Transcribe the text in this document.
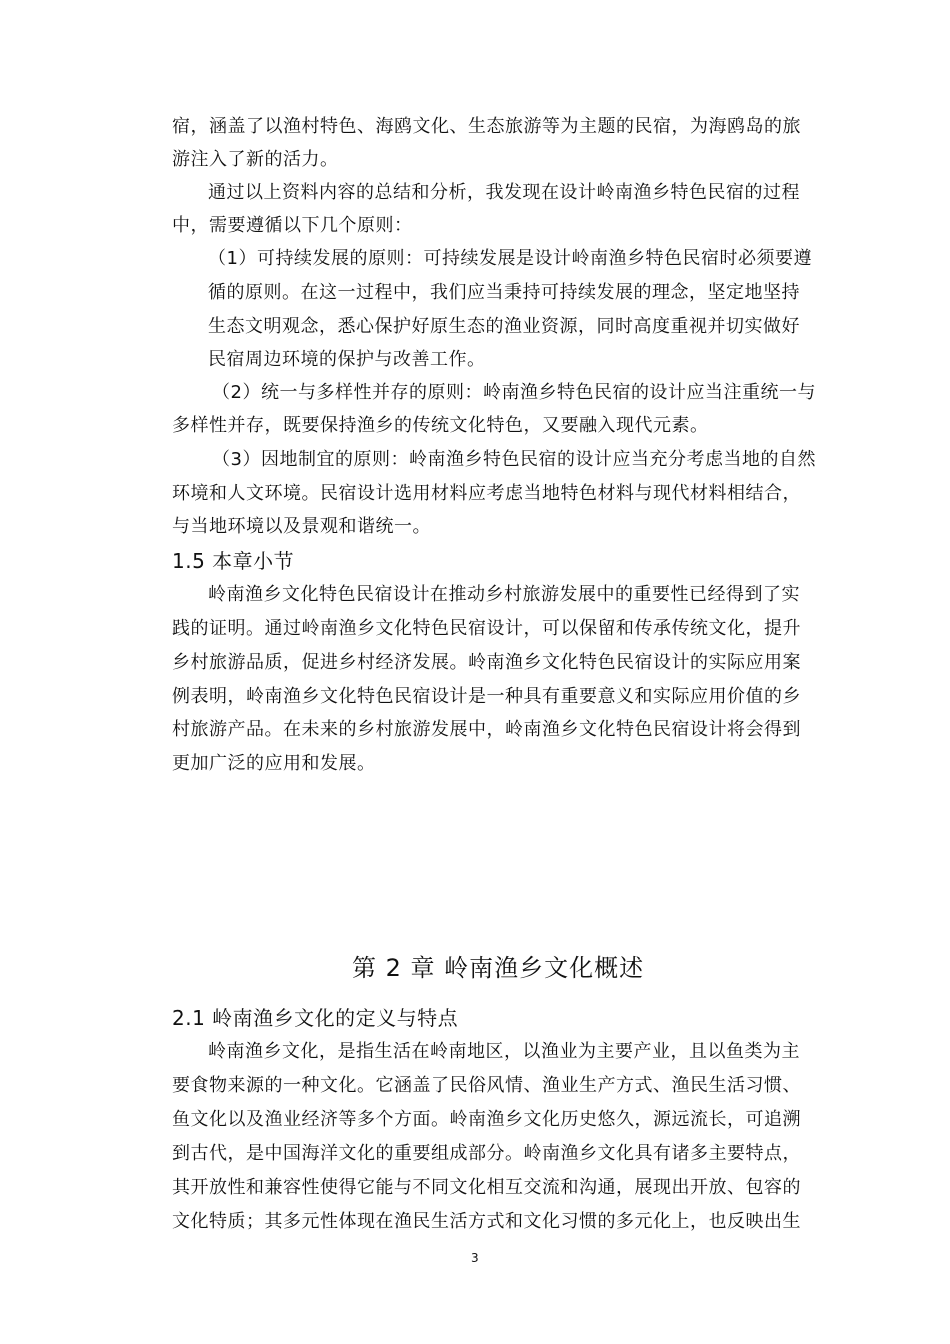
宿，涵盖了以渔村特色、海鸥文化、生态旅游等为主题的民宿，为海鸥岛的旅
游注入了新的活力。
通过以上资料内容的总结和分析，我发现在设计岭南渔乡特色民宿的过程
中，需要遵循以下几个原则：
（1）可持续发展的原则：可持续发展是设计岭南渔乡特色民宿时必须要遵
循的原则。在这一过程中，我们应当秉持可持续发展的理念，坚定地坚持
生态文明观念，悉心保护好原生态的渔业资源，同时高度重视并切实做好
民宿周边环境的保护与改善工作。
（2）统一与多样性并存的原则：岭南渔乡特色民宿的设计应当注重统一与
多样性并存，既要保持渔乡的传统文化特色，又要融入现代元素。
（3）因地制宜的原则：岭南渔乡特色民宿的设计应当充分考虑当地的自然
环境和人文环境。民宿设计选用材料应考虑当地特色材料与现代材料相结合，
与当地环境以及景观和谐统一。
1.5 本章小节
岭南渔乡文化特色民宿设计在推动乡村旅游发展中的重要性已经得到了实
践的证明。通过岭南渔乡文化特色民宿设计，可以保留和传承传统文化，提升
乡村旅游品质，促进乡村经济发展。岭南渔乡文化特色民宿设计的实际应用案
例表明，岭南渔乡文化特色民宿设计是一种具有重要意义和实际应用价值的乡
村旅游产品。在未来的乡村旅游发展中，岭南渔乡文化特色民宿设计将会得到
更加广泛的应用和发展。
第 2 章 岭南渔乡文化概述
2.1 岭南渔乡文化的定义与特点
岭南渔乡文化，是指生活在岭南地区，以渔业为主要产业，且以鱼类为主
要食物来源的一种文化。它涵盖了民俗风情、渔业生产方式、渔民生活习惯、
鱼文化以及渔业经济等多个方面。岭南渔乡文化历史悠久，源远流长，可追溯
到古代，是中国海洋文化的重要组成部分。岭南渔乡文化具有诸多主要特点，
其开放性和兼容性使得它能与不同文化相互交流和沟通，展现出开放、包容的
文化特质；其多元性体现在渔民生活方式和文化习惯的多元化上，也反映出生
3
